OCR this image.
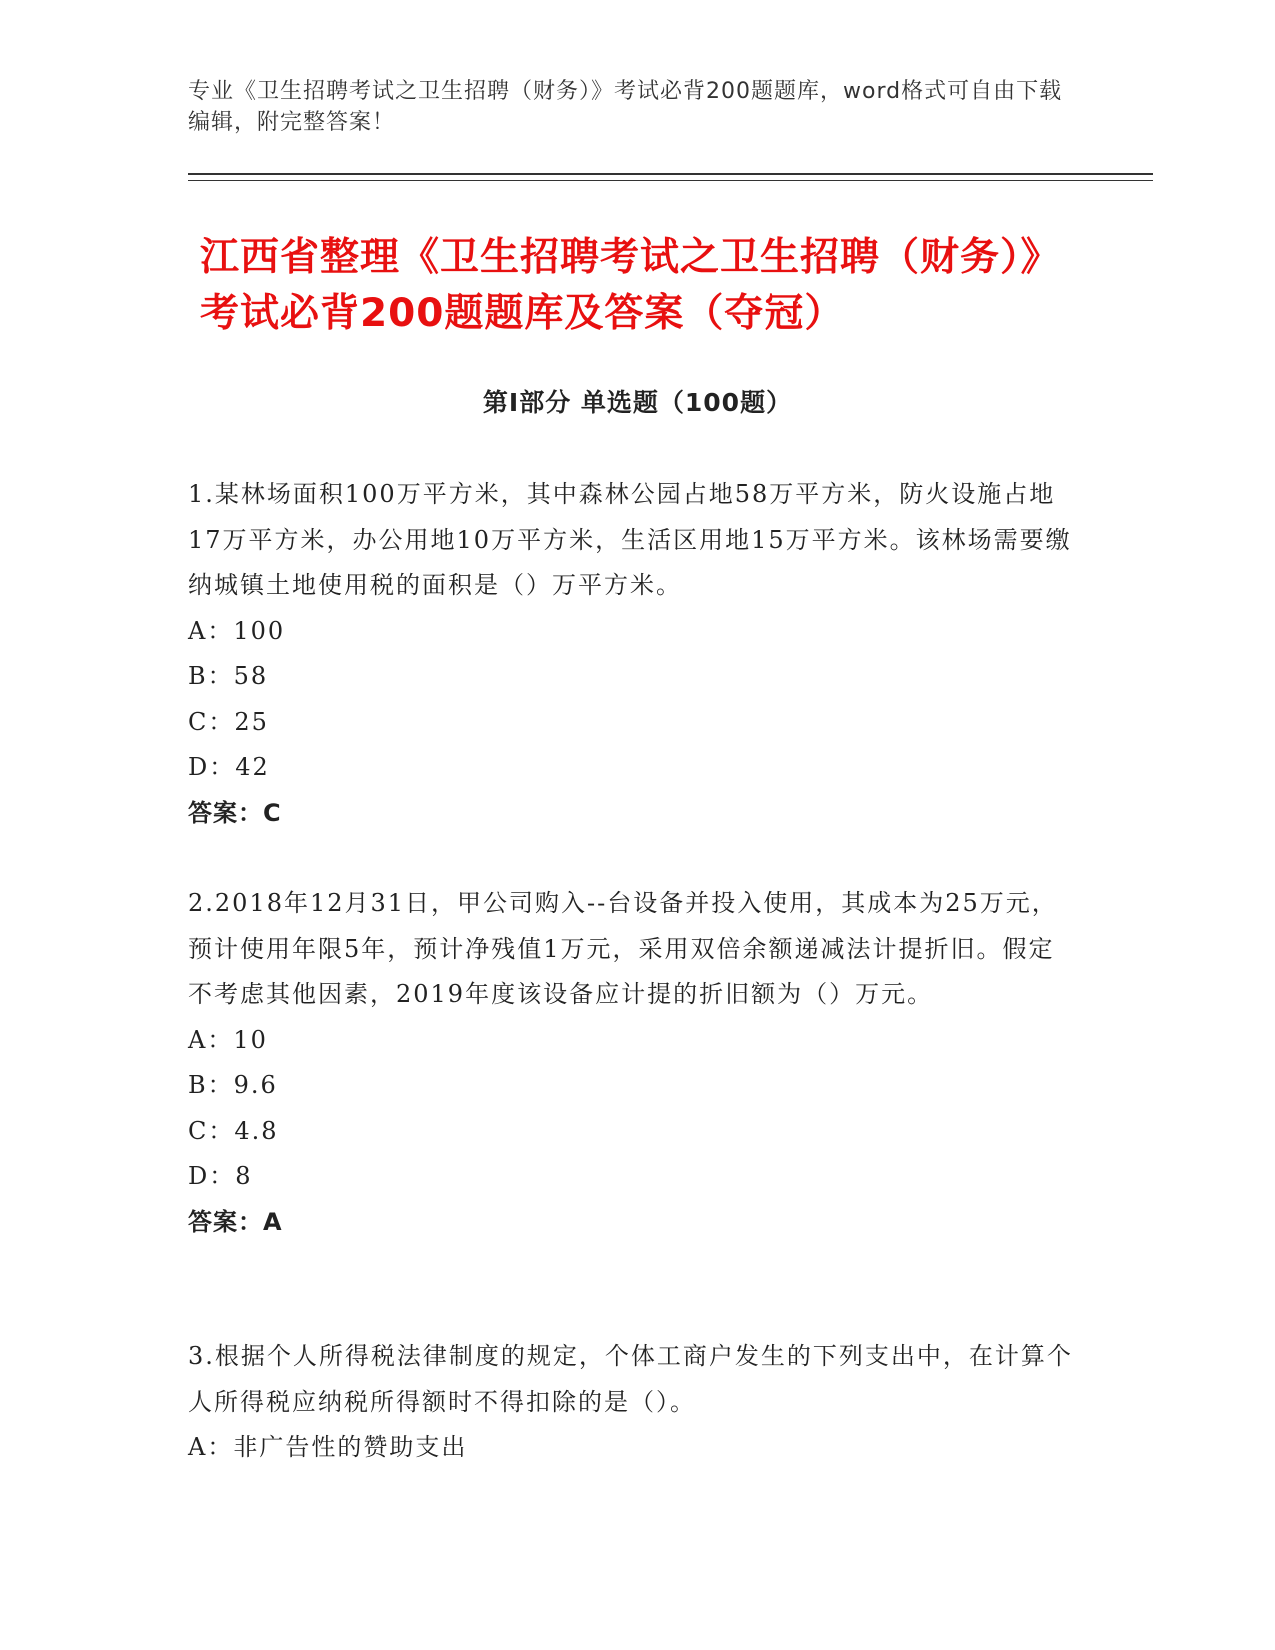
专业《卫生招聘考试之卫生招聘（财务）》考试必背200题题库，word格式可自由下载编辑，附完整答案！
江西省整理《卫生招聘考试之卫生招聘（财务）》考试必背200题题库及答案（夺冠）
第I部分 单选题（100题）

1.某林场面积100万平方米，其中森林公园占地58万平方米，防火设施占地17万平方米，办公用地10万平方米，生活区用地15万平方米。该林场需要缴纳城镇土地使用税的面积是（）万平方米。

A：100

B：58

C：25

D：42

答案：C

2.2018年12月31日，甲公司购入--台设备并投入使用，其成本为25万元，预计使用年限5年，预计净残值1万元，采用双倍余额递减法计提折旧。假定不考虑其他因素，2019年度该设备应计提的折旧额为（）万元。

A：10

B：9.6

C：4.8

D：8

答案：A

3.根据个人所得税法律制度的规定，个体工商户发生的下列支出中，在计算个人所得税应纳税所得额时不得扣除的是（）。

A：非广告性的赞助支出
